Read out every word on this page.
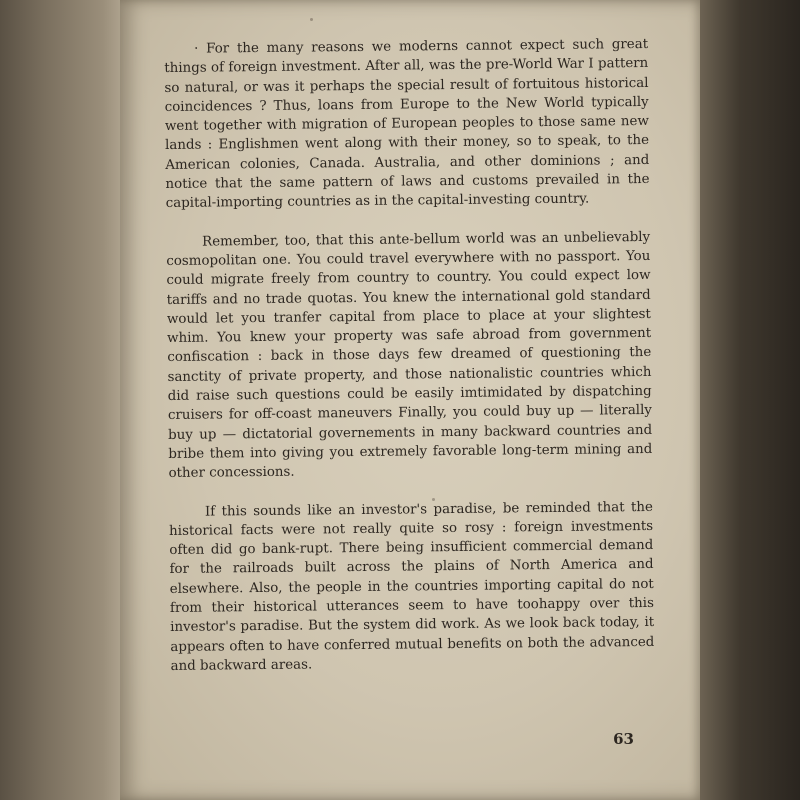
· For the many reasons we moderns cannot expect such great things of foreign investment. After all, was the pre-World War I pattern so natural, or was it perhaps the special result of fortuitous historical coincidences ? Thus, loans from Europe to the New World typically went together with migration of European peoples to those same new lands : Englishmen went along with their money, so to speak, to the American colonies, Canada. Australia, and other dominions ; and notice that the same pattern of laws and customs prevailed in the capital-importing countries as in the capital-investing country.

Remember, too, that this ante-bellum world was an unbelievably cosmopolitan one. You could travel everywhere with no passport. You could migrate freely from country to country. You could expect low tariffs and no trade quotas. You knew the international gold standard would let you tranfer capital from place to place at your slightest whim. You knew your property was safe abroad from government confiscation : back in those days few dreamed of questioning the sanctity of private property, and those nationalistic countries which did raise such questions could be easily imtimidated by dispatching cruisers for off-coast maneuvers Finally, you could buy up — literally buy up — dictatorial governements in many backward countries and bribe them into giving you extremely favorable long-term mining and other concessions.

If this sounds like an investor's paradise, be reminded that the historical facts were not really quite so rosy : foreign investments often did go bank-rupt. There being insufficient commercial demand for the railroads built across the plains of North America and elsewhere. Also, the people in the countries importing capital do not from their historical utterances seem to have toohappy over this investor's paradise. But the system did work. As we look back today, it appears often to have conferred mutual benefits on both the advanced and backward areas.

63
